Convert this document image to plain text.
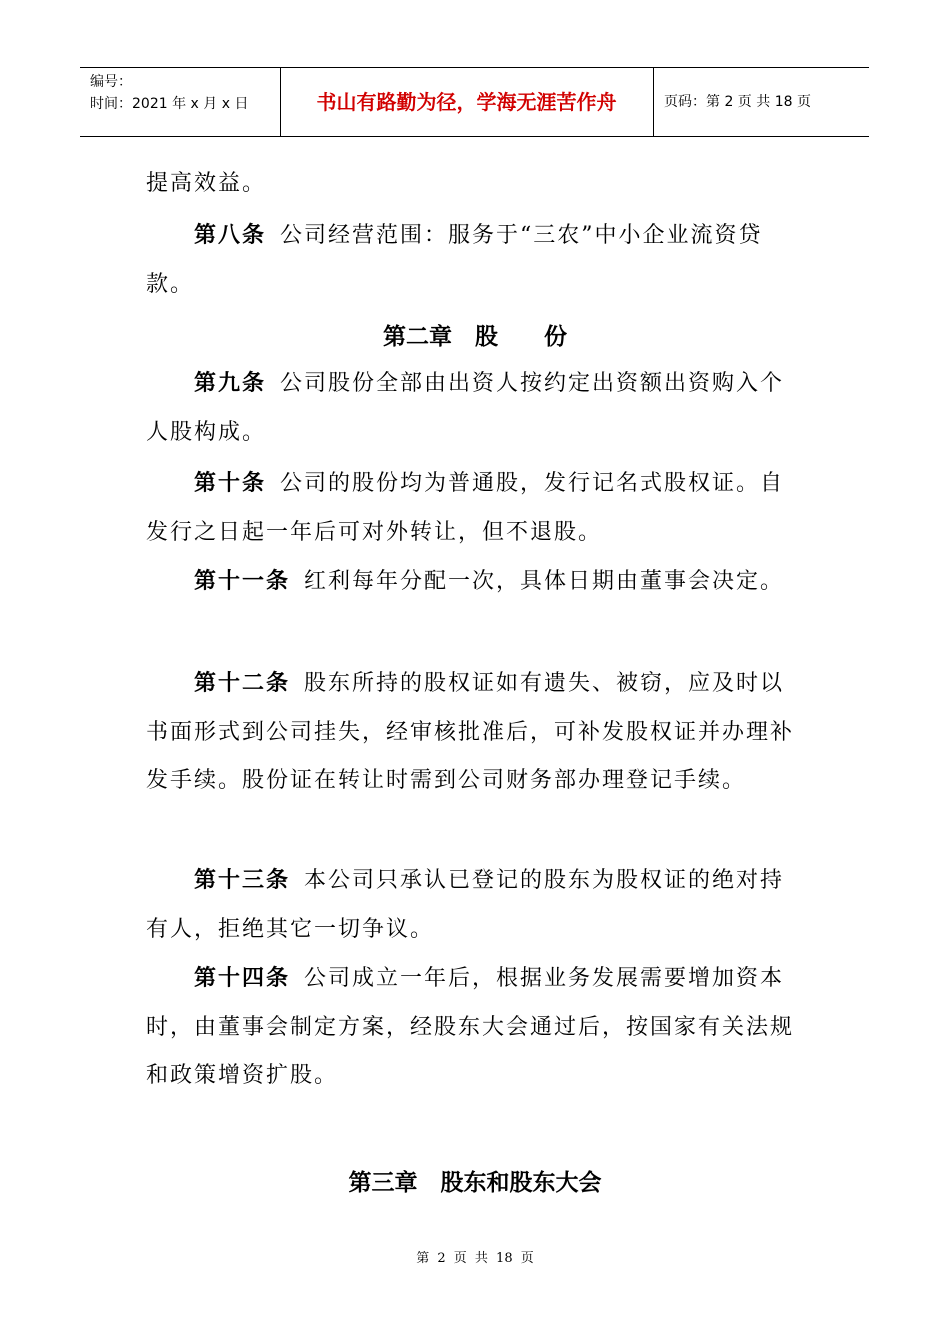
编号：
时间：2021 年 x 月 x 日	书山有路勤为径，学海无涯苦作舟	页码：第 2 页 共 18 页

提高效益。

第八条 公司经营范围：服务于“三农”中小企业流资贷款。

第二章　股　　份

第九条 公司股份全部由出资人按约定出资额出资购入个人股构成。

第十条 公司的股份均为普通股，发行记名式股权证。自发行之日起一年后可对外转让，但不退股。

第十一条 红利每年分配一次，具体日期由董事会决定。

第十二条 股东所持的股权证如有遗失、被窃，应及时以书面形式到公司挂失，经审核批准后，可补发股权证并办理补发手续。股份证在转让时需到公司财务部办理登记手续。

第十三条 本公司只承认已登记的股东为股权证的绝对持有人，拒绝其它一切争议。

第十四条 公司成立一年后，根据业务发展需要增加资本时，由董事会制定方案，经股东大会通过后，按国家有关法规和政策增资扩股。

第三章　股东和股东大会
第 2 页 共 18 页
